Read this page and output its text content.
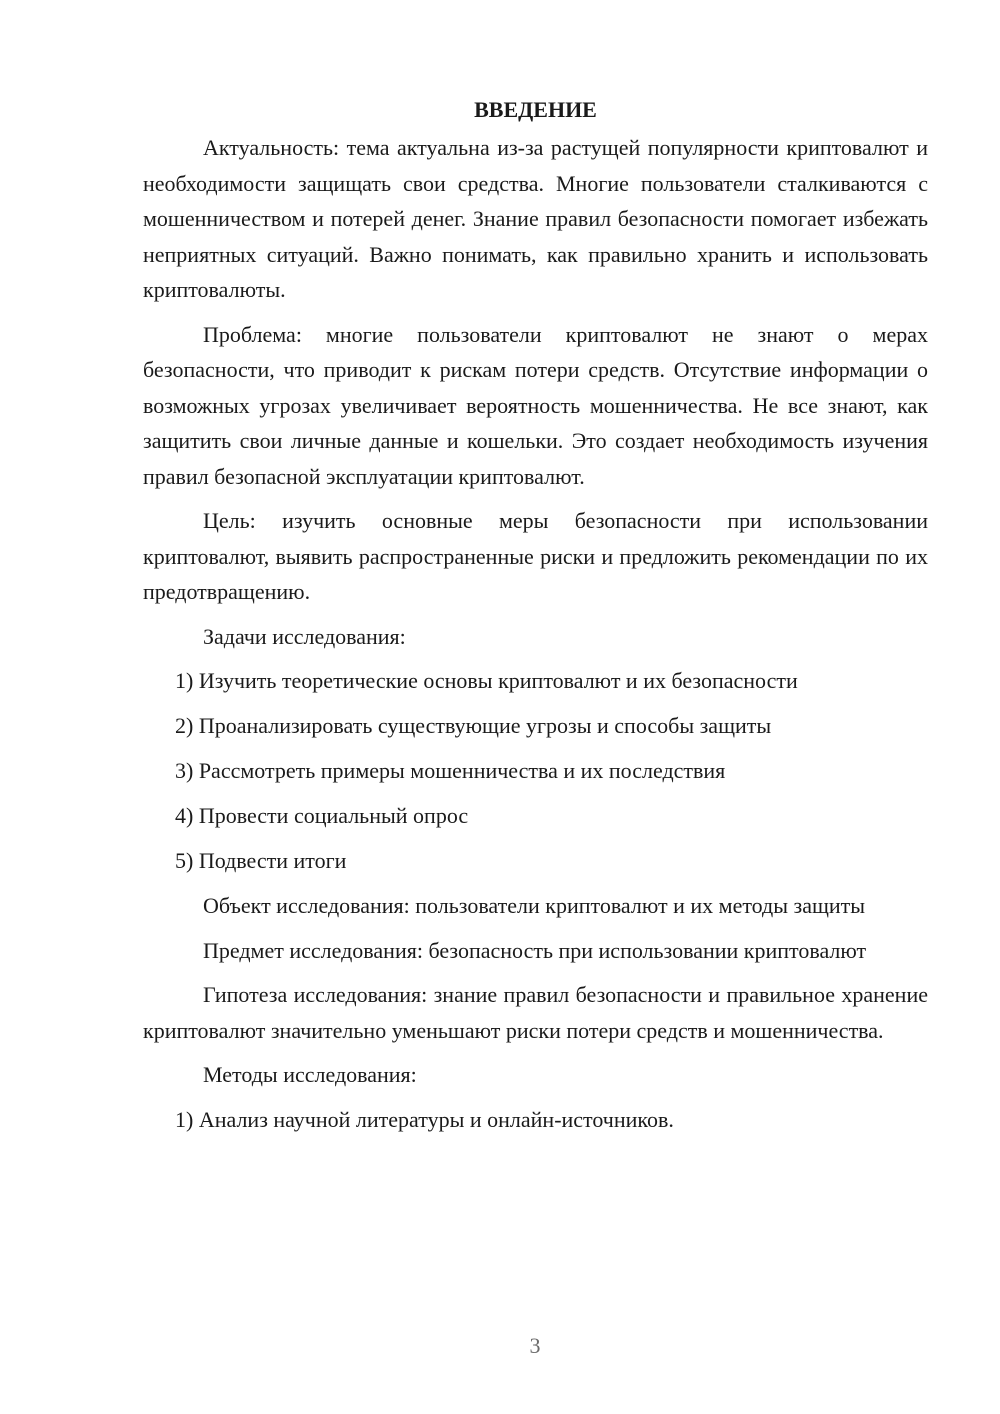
ВВЕДЕНИЕ

Актуальность: тема актуальна из-за растущей популярности криптовалют и необходимости защищать свои средства. Многие пользователи сталкиваются с мошенничеством и потерей денег. Знание правил безопасности помогает избежать неприятных ситуаций. Важно понимать, как правильно хранить и использовать криптовалюты.

Проблема: многие пользователи криптовалют не знают о мерах безопасности, что приводит к рискам потери средств. Отсутствие информации о возможных угрозах увеличивает вероятность мошенничества. Не все знают, как защитить свои личные данные и кошельки. Это создает необходимость изучения правил безопасной эксплуатации криптовалют.

Цель: изучить основные меры безопасности при использовании криптовалют, выявить распространенные риски и предложить рекомендации по их предотвращению.

Задачи исследования:

1) Изучить теоретические основы криптовалют и их безопасности
2) Проанализировать существующие угрозы и способы защиты
3) Рассмотреть примеры мошенничества и их последствия
4) Провести социальный опрос
5) Подвести итоги

Объект исследования: пользователи криптовалют и их методы защиты

Предмет исследования: безопасность при использовании криптовалют

Гипотеза исследования: знание правил безопасности и правильное хранение криптовалют значительно уменьшают риски потери средств и мошенничества.

Методы исследования:

1) Анализ научной литературы и онлайн-источников.
3
